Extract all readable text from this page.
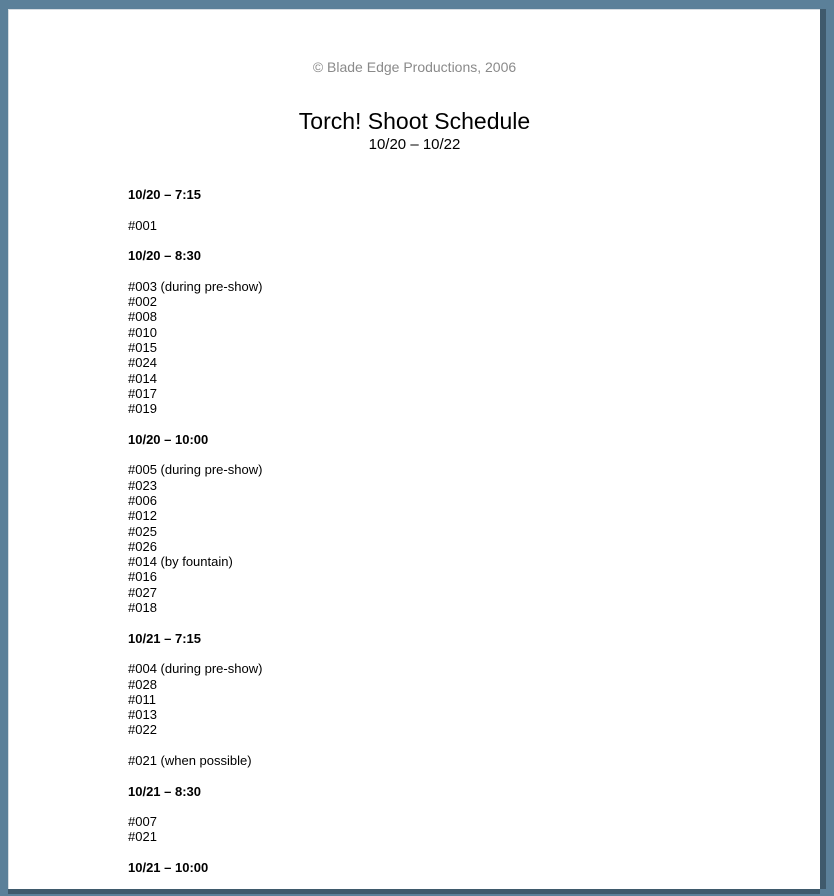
© Blade Edge Productions, 2006
Torch! Shoot Schedule
10/20 – 10/22
10/20 – 7:15
#001
10/20 – 8:30
#003 (during pre-show)
#002
#008
#010
#015
#024
#014
#017
#019
10/20 – 10:00
#005 (during pre-show)
#023
#006
#012
#025
#026
#014 (by fountain)
#016
#027
#018
10/21 – 7:15
#004 (during pre-show)
#028
#011
#013
#022
#021 (when possible)
10/21 – 8:30
#007
#021
10/21 – 10:00
